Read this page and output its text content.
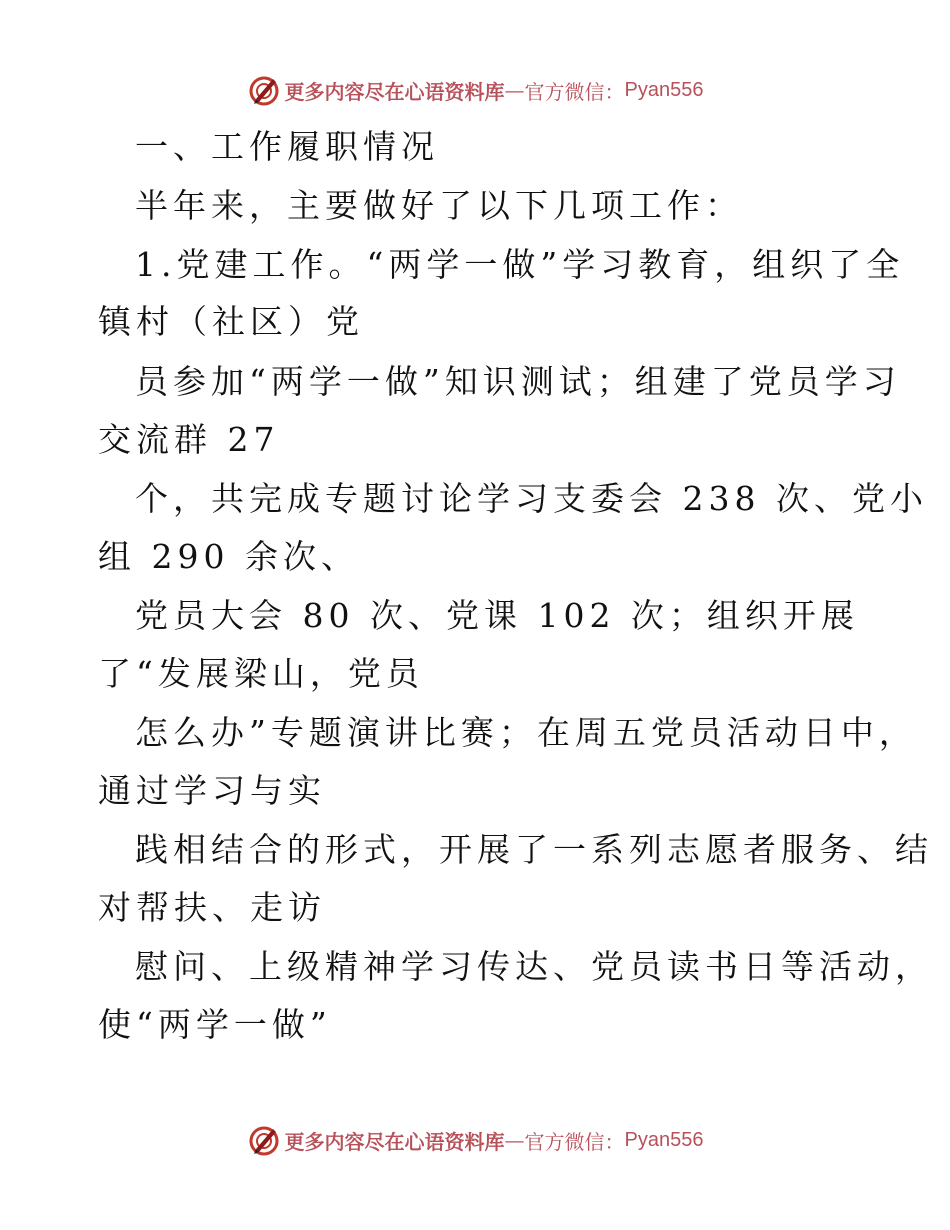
更多内容尽在心语资料库 — 官方微信： Pyan556
一、工作履职情况
半年来，主要做好了以下几项工作：
1.党建工作。“两学一做”学习教育，组织了全
镇村（社区）党
员参加“两学一做”知识测试；组建了党员学习
交流群 27
个，共完成专题讨论学习支委会 238 次、党小
组 290 余次、
党员大会 80 次、党课 102 次；组织开展
了“发展梁山，党员
怎么办”专题演讲比赛；在周五党员活动日中，
通过学习与实
践相结合的形式，开展了一系列志愿者服务、结
对帮扶、走访
慰问、上级精神学习传达、党员读书日等活动，
使“两学一做”
更多内容尽在心语资料库 — 官方微信： Pyan556
